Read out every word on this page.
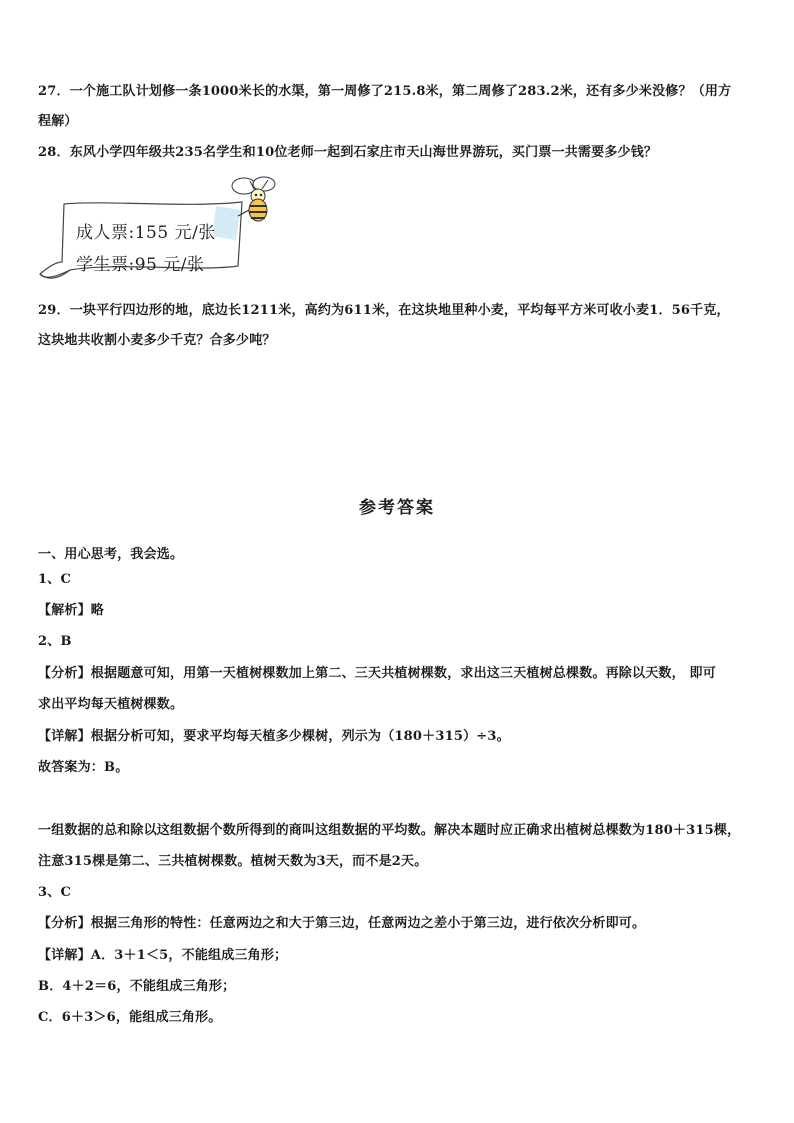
27．一个施工队计划修一条1000米长的水渠，第一周修了215.8米，第二周修了283.2米，还有多少米没修？（用方
程解）
28．东风小学四年级共235名学生和10位老师一起到石家庄市天山海世界游玩，买门票一共需要多少钱？
成人票:155 元/张
学生票:95 元/张
29．一块平行四边形的地，底边长1211米，高约为611米，在这块地里种小麦，平均每平方米可收小麦1．56千克，
这块地共收割小麦多少千克？合多少吨？
参考答案
一、用心思考，我会选。
1、C
【解析】略
2、B
【分析】根据题意可知，用第一天植树棵数加上第二、三天共植树棵数，求出这三天植树总棵数。再除以天数， 即可
求出平均每天植树棵数。
【详解】根据分析可知，要求平均每天植多少棵树，列示为（180＋315）÷3。
故答案为：B。
一组数据的总和除以这组数据个数所得到的商叫这组数据的平均数。解决本题时应正确求出植树总棵数为180＋315棵，
注意315棵是第二、三共植树棵数。植树天数为3天，而不是2天。
3、C
【分析】根据三角形的特性：任意两边之和大于第三边，任意两边之差小于第三边，进行依次分析即可。
【详解】A．3＋1＜5，不能组成三角形；
B．4＋2＝6，不能组成三角形；
C．6＋3＞6，能组成三角形。
